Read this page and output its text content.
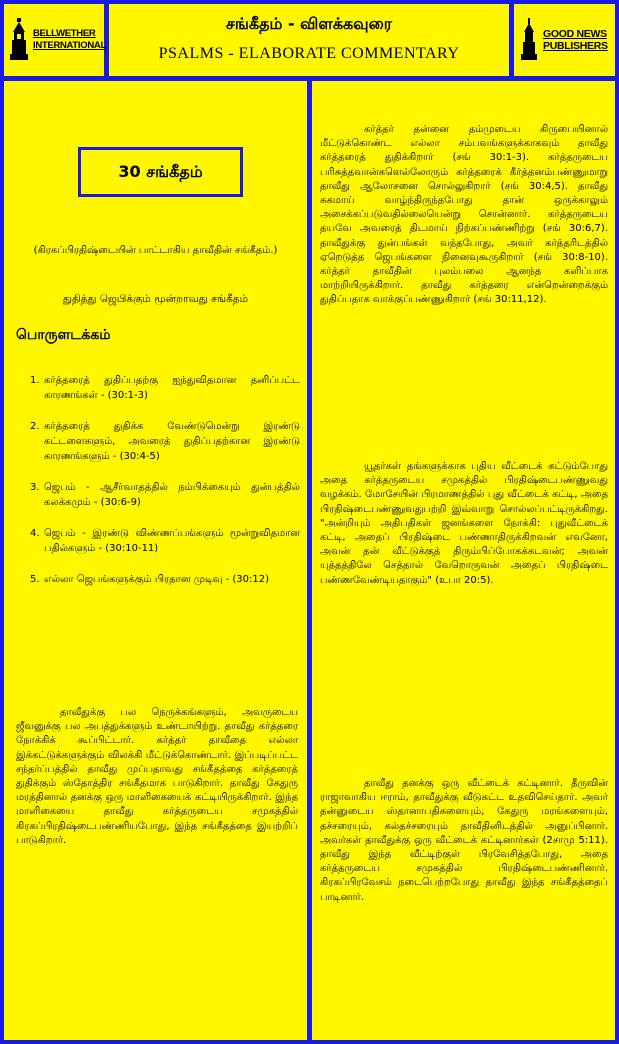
BELLWETHER
INTERNATIONAL
சங்கீதம் - விளக்கவுரை
PSALMS - ELABORATE COMMENTARY
GOOD NEWS
PUBLISHERS
30 சங்கீதம்
(கிரகப்பிரதிஷ்டையின் பாட்டாகிய தாவீதின் சங்கீதம்.)
துதித்து ஜெபிக்கும் மூன்றாவது சங்கீதம்
பொருளடக்கம்
1. கர்த்தரைத் துதிப்பதற்கு ஐந்துவிதமான தனிப்பட்ட காரணங்கள் - (30:1-3)
2. கர்த்தரைத் துதிக்க வேண்டுமென்று இரண்டு கட்டளைகளும், அவரைத் துதிப்பதற்கான இரண்டு காரணங்களும் - (30:4-5)
3. ஜெபம் - ஆசீர்வாதத்தில் நம்பிக்கையும் துன்பத்தில் கலக்கமும் - (30:6-9)
4. ஜெபம் - இரண்டு விண்ணப்பங்களும் மூன்றுவிதமான பதில்களும் - (30:10-11)
5. எல்லா ஜெபங்களுக்கும் பிரதான முடிவு - (30:12)

தாவீதுக்கு பல நெருக்கங்களும், அவருடைய ஜீவனுக்கு பல அபத்துக்களும் உண்டாயிற்று. தாவீது கர்த்தரை நோக்கிக் கூப்பிட்டார். கர்த்தர் தாவீதை எல்லா இக்கட்டுக்களுக்கும் விலக்கி மீட்டுக்கொண்டார். இப்படிப்பட்ட சந்தர்ப்பத்தில் தாவீது முப்பதாவது சங்கீதத்தை கர்த்தரைத் துதிக்கும் ஸ்தோத்திர சங்கீதமாக பாடுகிறார். தாவீது கேதுரு மரத்தினால் தனக்கு ஒரு மாளிகையைக் கட்டியிருக்கிறார். இந்த மாளிகையை தாவீது கர்த்தருடைய சமுகத்தில் கிரகப்பிரதிஷ்டைபண்ணியபோது, இந்த சங்கீதத்தை இயற்றிப் பாடுகிறார்.

கர்த்தர் தன்னை தம்முடைய கிருபையினால் மீட்டுக்கொண்ட எல்லா சம்பவங்களுக்காகவும் தாவீது கர்த்தரைத் துதிக்கிறார் (சங் 30:1-3). கர்த்தருடைய பரிசுத்தவான்களெல்லோரும் கர்த்தரைக் கீர்த்தனம்பண்ணுமாறு தாவீது ஆலோசனை சொல்லுகிறார் (சங் 30:4,5). தாவீது சுகமாய் வாழ்ந்திருந்தபோது தான் ஒருக்காலும் அசைக்கப்படுவதில்லையென்று சொன்னார். கர்த்தருடைய தயவே அவரைத் திடமாய் நிற்கப்பண்ணிற்று (சங் 30:6,7). தாவீதுக்கு துன்பங்கள் வந்தபோது, அவர் கர்த்தரிடத்தில் ஏறெடுத்த ஜெபங்களை நினைவுகூருகிறார் (சங் 30:8-10). கர்த்தர் தாவீதின் புலம்பலை ஆனந்த களிப்பாக மாற்றியிருக்கிறார். தாவீது கர்த்தரை என்றென்றைக்கும் துதிப்பதாக வாக்குப்பண்ணுகிறார் (சங் 30:11,12).

யூதர்கள் தங்களுக்காக புதிய வீட்டைக் கட்டும்போது அதை கர்த்தருடைய சமுகத்தில் பிரதிஷ்டைபண்ணுவது வழக்கம். மோசேயின் பிரமாணத்தில் புது வீட்டைக் கட்டி, அதை பிரதிஷ்டைபண்ணுவதுபற்றி இவ்வாறு சொல்லப்பட்டிருக்கிறது. "அன்றியும் அதிபதிகள் ஜனங்களை நோக்கி: புதுவீட்டைக் கட்டி, அதைப் பிரதிஷ்டை பண்ணாதிருக்கிறவன் எவனோ, அவன் தன் வீட்டுக்குத் திரும்பிப்போகக்கடவன்; அவன் யுத்தத்திலே செத்தால் வேறொருவன் அதைப் பிரதிஷ்டை பண்ணவேண்டியதாகும்" (உபா 20:5).

தாவீது தனக்கு ஒரு வீட்டைக் கட்டினார். தீருவின் ராஜாவாகிய ஈராம், தாவீதுக்கு வீடுகட்ட உதவிசெய்தார். அவர் தன்னுடைய ஸ்தானாபதிகளையும், கேதுரு மரங்களையும், தச்சரையும், கல்தச்சரையும் தாவீதினிடத்தில் அனுப்பினார். அவர்கள் தாவீதுக்கு ஒரு வீட்டைக் கட்டினார்கள் (2சாமு 5:11). தாவீது இந்த வீட்டிற்குள் பிரவேசித்தபோது, அதை கர்த்தருடைய சமுகத்தில் பிரதிஷ்டைபண்ணினார். கிரகப்பிரவேசம் நடைபெற்றபோது தாவீது இந்த சங்கீதத்தைப் பாடினார்.
